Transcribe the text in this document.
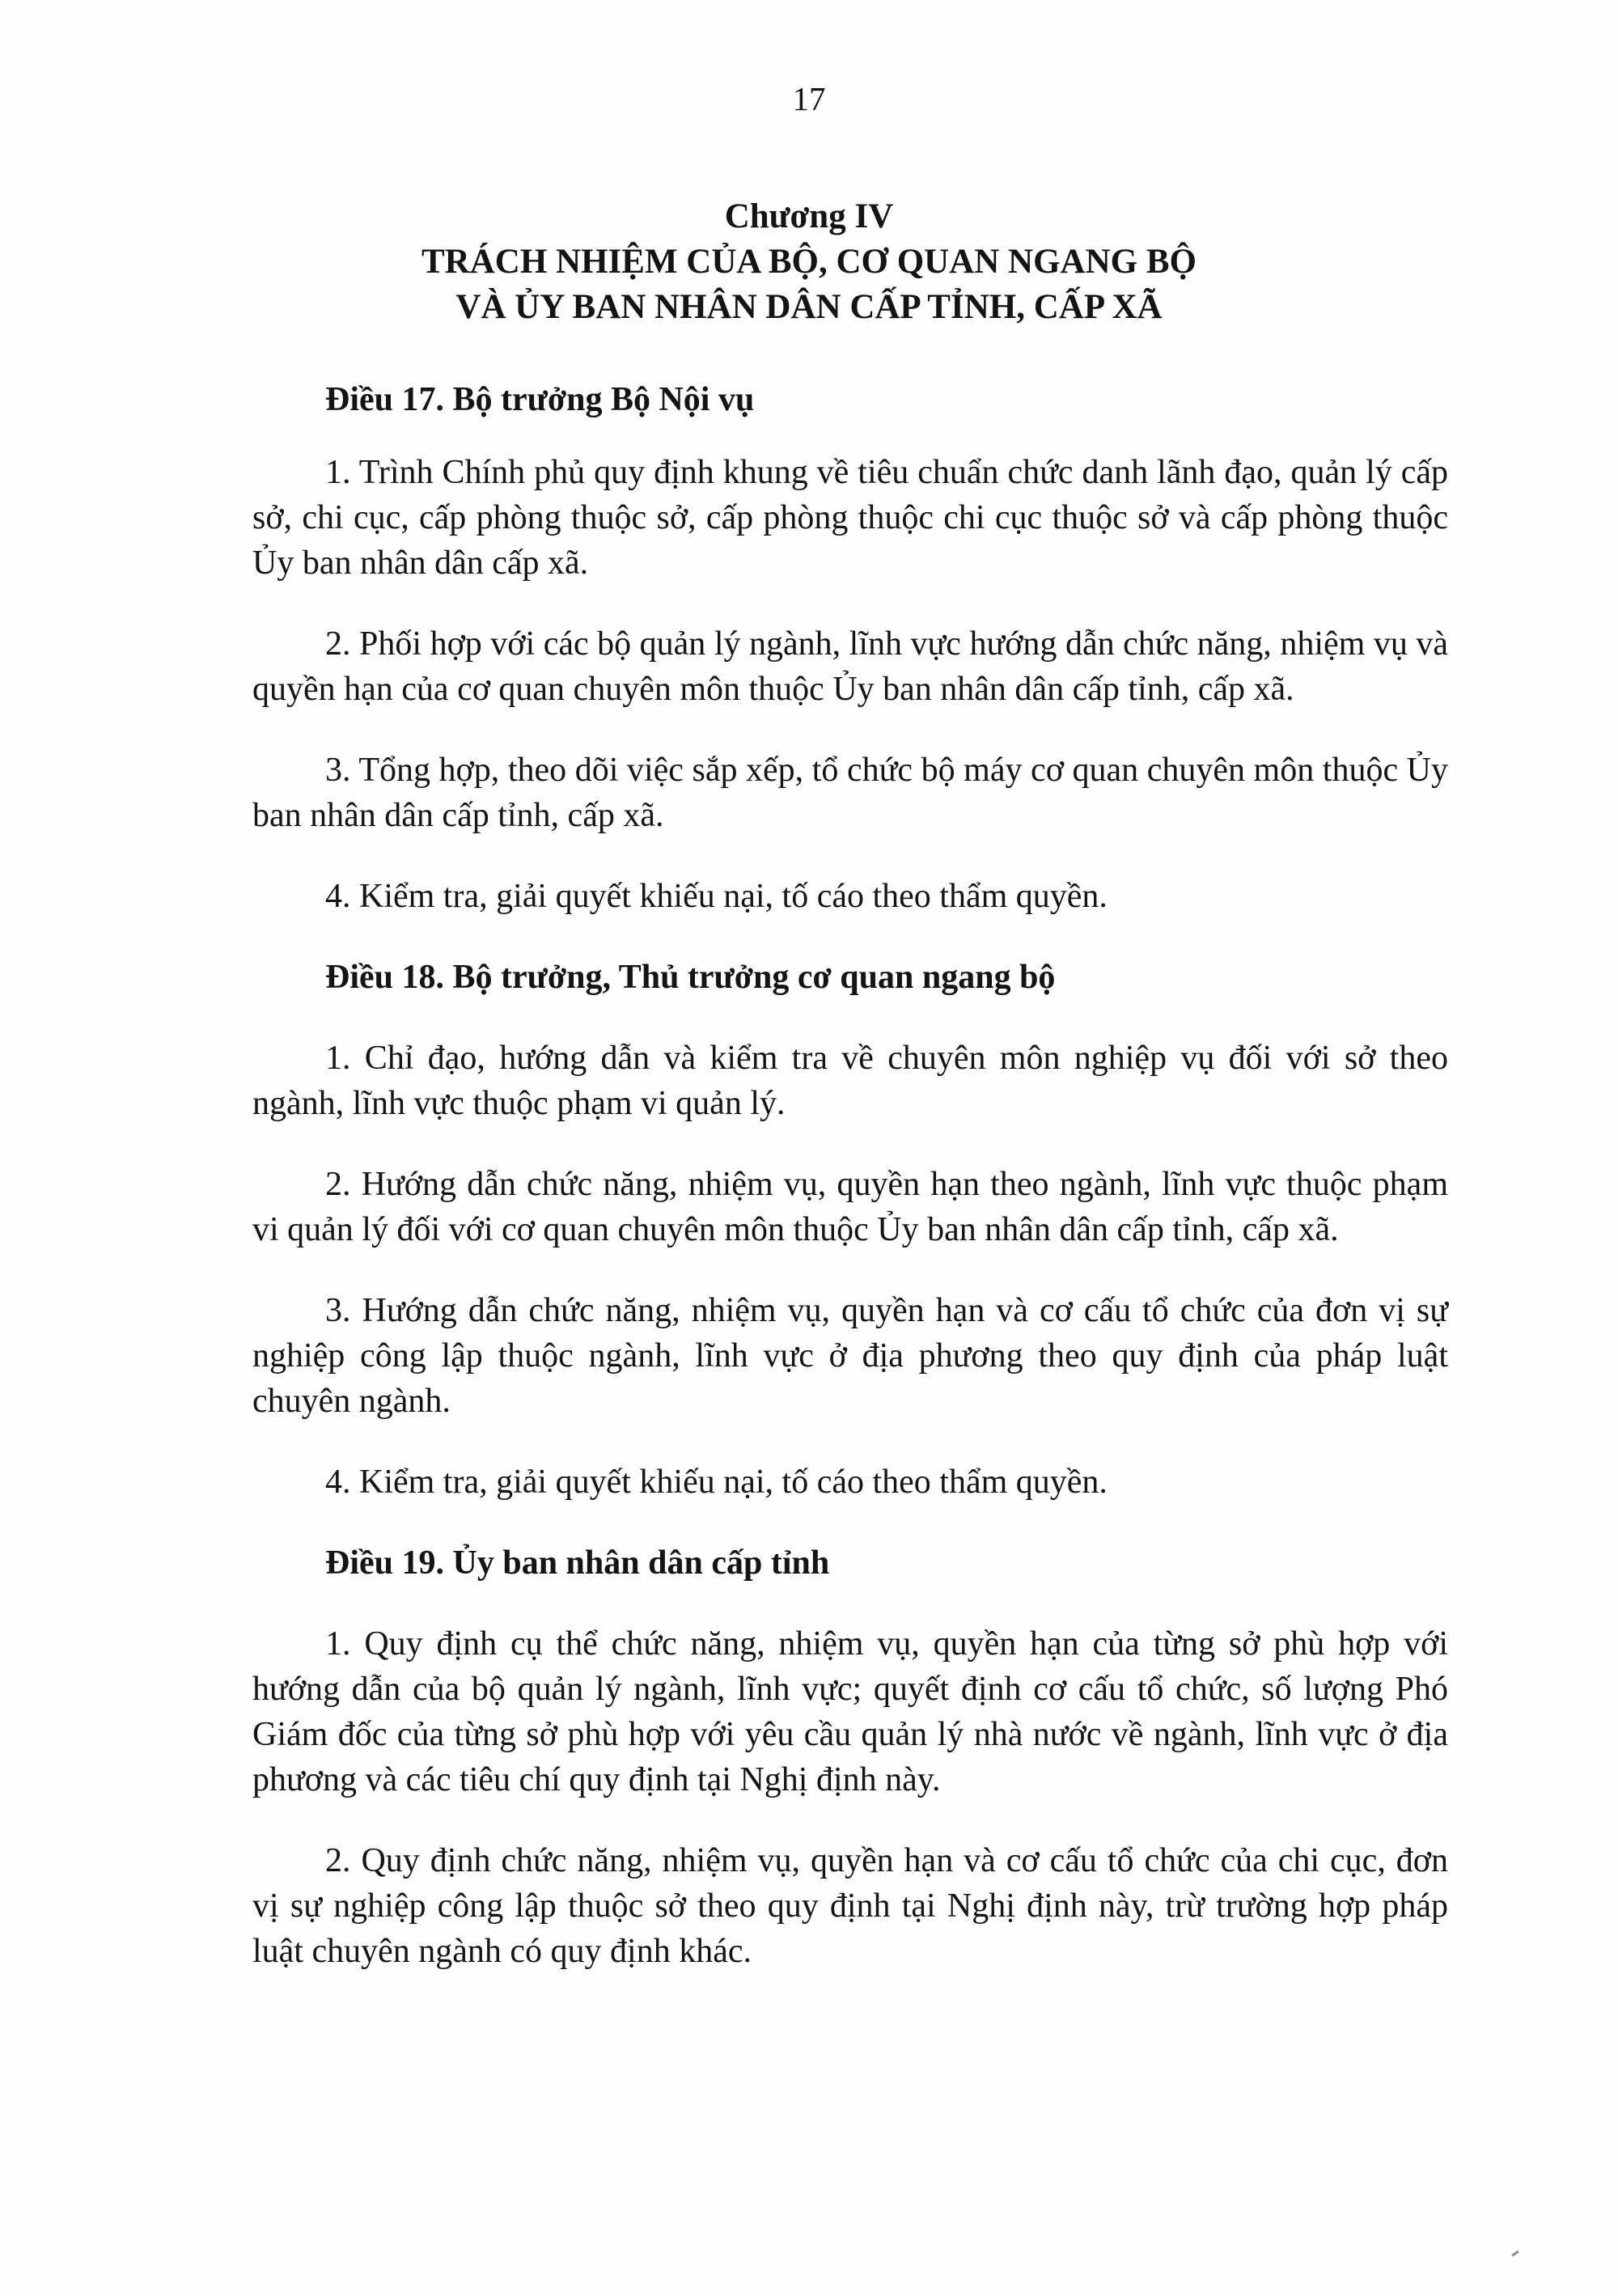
17
Chương IV
TRÁCH NHIỆM CỦA BỘ, CƠ QUAN NGANG BỘ
VÀ ỦY BAN NHÂN DÂN CẤP TỈNH, CẤP XÃ

Điều 17. Bộ trưởng Bộ Nội vụ

1. Trình Chính phủ quy định khung về tiêu chuẩn chức danh lãnh đạo, quản lý cấp sở, chi cục, cấp phòng thuộc sở, cấp phòng thuộc chi cục thuộc sở và cấp phòng thuộc Ủy ban nhân dân cấp xã.

2. Phối hợp với các bộ quản lý ngành, lĩnh vực hướng dẫn chức năng, nhiệm vụ và quyền hạn của cơ quan chuyên môn thuộc Ủy ban nhân dân cấp tỉnh, cấp xã.

3. Tổng hợp, theo dõi việc sắp xếp, tổ chức bộ máy cơ quan chuyên môn thuộc Ủy ban nhân dân cấp tỉnh, cấp xã.

4. Kiểm tra, giải quyết khiếu nại, tố cáo theo thẩm quyền.

Điều 18. Bộ trưởng, Thủ trưởng cơ quan ngang bộ

1. Chỉ đạo, hướng dẫn và kiểm tra về chuyên môn nghiệp vụ đối với sở theo ngành, lĩnh vực thuộc phạm vi quản lý.

2. Hướng dẫn chức năng, nhiệm vụ, quyền hạn theo ngành, lĩnh vực thuộc phạm vi quản lý đối với cơ quan chuyên môn thuộc Ủy ban nhân dân cấp tỉnh, cấp xã.

3. Hướng dẫn chức năng, nhiệm vụ, quyền hạn và cơ cấu tổ chức của đơn vị sự nghiệp công lập thuộc ngành, lĩnh vực ở địa phương theo quy định của pháp luật chuyên ngành.

4. Kiểm tra, giải quyết khiếu nại, tố cáo theo thẩm quyền.

Điều 19. Ủy ban nhân dân cấp tỉnh

1. Quy định cụ thể chức năng, nhiệm vụ, quyền hạn của từng sở phù hợp với hướng dẫn của bộ quản lý ngành, lĩnh vực; quyết định cơ cấu tổ chức, số lượng Phó Giám đốc của từng sở phù hợp với yêu cầu quản lý nhà nước về ngành, lĩnh vực ở địa phương và các tiêu chí quy định tại Nghị định này.

2. Quy định chức năng, nhiệm vụ, quyền hạn và cơ cấu tổ chức của chi cục, đơn vị sự nghiệp công lập thuộc sở theo quy định tại Nghị định này, trừ trường hợp pháp luật chuyên ngành có quy định khác.
